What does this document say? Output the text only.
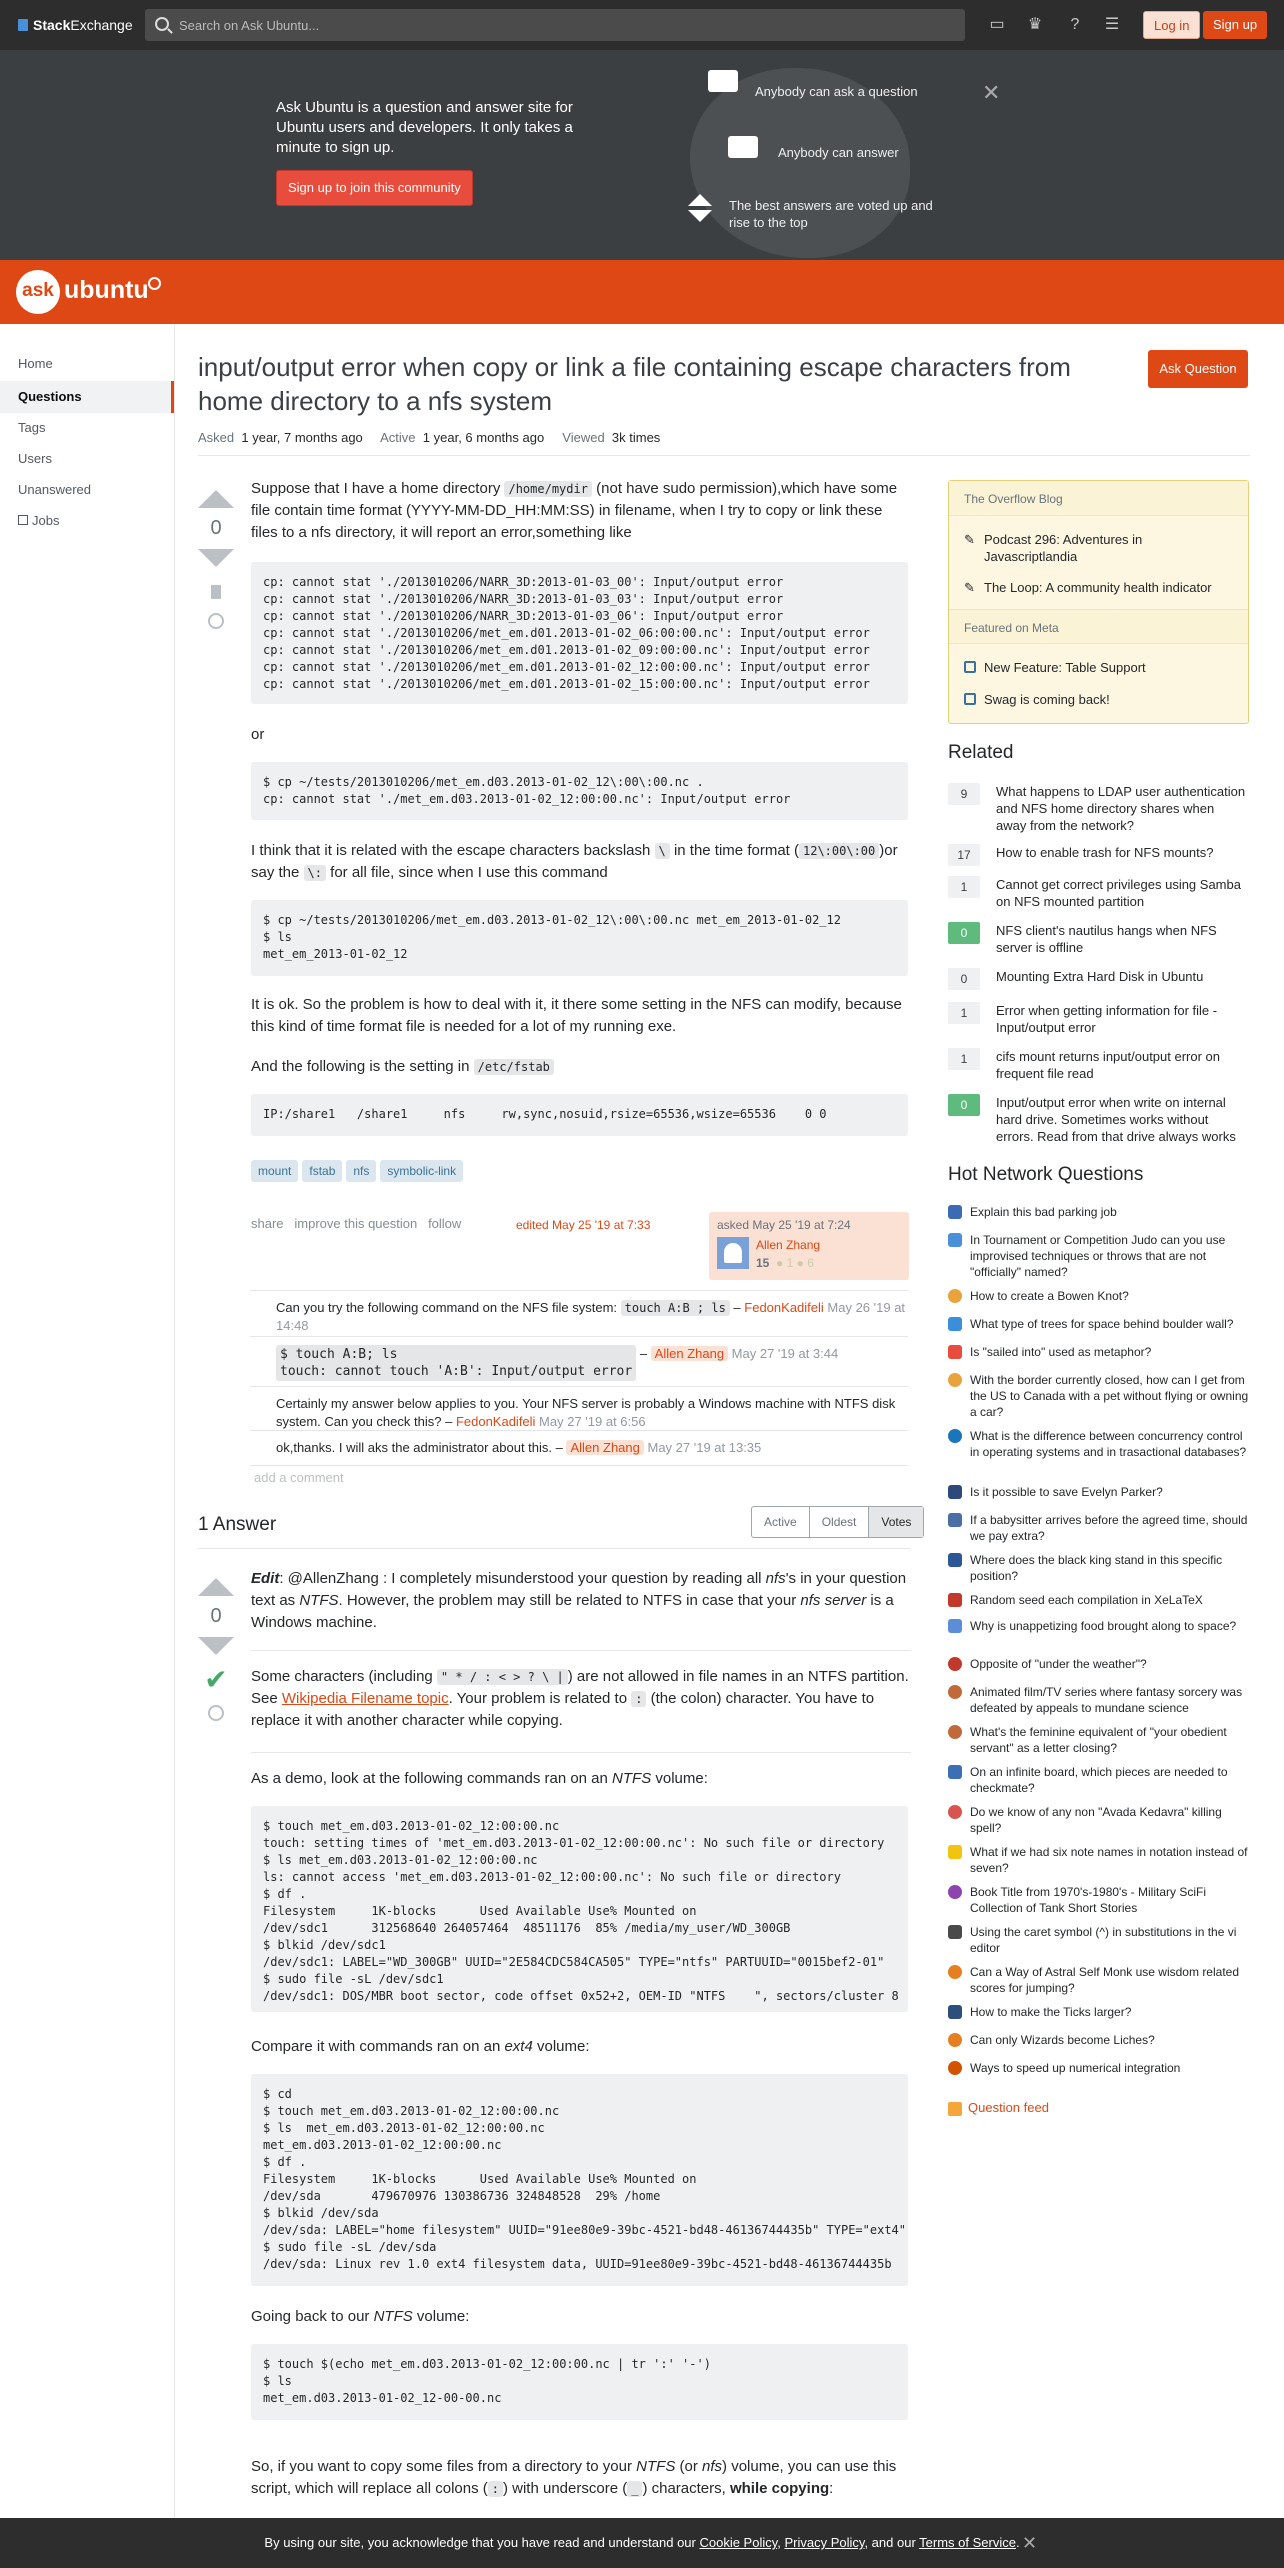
Stack Exchange	Search on Ask Ubuntu...	▭ ♛	?	☰	Log in	Sign up
Ask Ubuntu is a question and answer site for Ubuntu users and developers. It only takes a minute to sign up.
Sign up to join this community
Anybody can ask a question
Anybody can answer
The best answers are voted up and rise to the top
✕
ask ubuntu
Home
Questions
Tags
Users
Unanswered
Jobs
input/output error when copy or link a file containing escape characters from home directory to a nfs system
Ask Question
Asked 1 year, 7 months ago Active 1 year, 6 months ago Viewed 3k times
0
Suppose that I have a home directory /home/mydir (not have sudo permission),which have some file contain time format (YYYY-MM-DD_HH:MM:SS) in filename, when I try to copy or link these files to a nfs directory, it will report an error,something like
cp: cannot stat './2013010206/NARR_3D:2013-01-03_00': Input/output error
cp: cannot stat './2013010206/NARR_3D:2013-01-03_03': Input/output error
cp: cannot stat './2013010206/NARR_3D:2013-01-03_06': Input/output error
cp: cannot stat './2013010206/met_em.d01.2013-01-02_06:00:00.nc': Input/output error
cp: cannot stat './2013010206/met_em.d01.2013-01-02_09:00:00.nc': Input/output error
cp: cannot stat './2013010206/met_em.d01.2013-01-02_12:00:00.nc': Input/output error
cp: cannot stat './2013010206/met_em.d01.2013-01-02_15:00:00.nc': Input/output error
or
$ cp ~/tests/2013010206/met_em.d03.2013-01-02_12\:00\:00.nc .
cp: cannot stat './met_em.d03.2013-01-02_12:00:00.nc': Input/output error
I think that it is related with the escape characters backslash \ in the time format ( 12\:00\:00 )or say the \: for all file, since when I use this command
$ cp ~/tests/2013010206/met_em.d03.2013-01-02_12\:00\:00.nc met_em_2013-01-02_12
$ ls
met_em_2013-01-02_12
It is ok. So the problem is how to deal with it, it there some setting in the NFS can modify, because this kind of time format file is needed for a lot of my running exe.
And the following is the setting in /etc/fstab
IP:/share1   /share1     nfs     rw,sync,nosuid,rsize=65536,wsize=65536    0 0
mount fstab nfs symbolic-link
share improve this question follow	edited May 25 '19 at 7:33	asked May 25 '19 at 7:24
Allen Zhang
15 ● 1 ● 6
Can you try the following command on the NFS file system: touch A:B ; ls – FedonKadifeli May 26 '19 at 14:48
$ touch A:B; ls
touch: cannot touch 'A:B': Input/output error – Allen Zhang May 27 '19 at 3:44
Certainly my answer below applies to you. Your NFS server is probably a Windows machine with NTFS disk system. Can you check this? – FedonKadifeli May 27 '19 at 6:56
ok,thanks. I will aks the administrator about this. – Allen Zhang May 27 '19 at 13:35
add a comment
1 Answer	Active	Oldest	Votes
0
✔
Edit: @AllenZhang : I completely misunderstood your question by reading all nfs's in your question text as NTFS. However, the problem may still be related to NTFS in case that your nfs server is a Windows machine.
Some characters (including " * / : < > ? \ | ) are not allowed in file names in an NTFS partition. See Wikipedia Filename topic. Your problem is related to : (the colon) character. You have to replace it with another character while copying.
As a demo, look at the following commands ran on an NTFS volume:
$ touch met_em.d03.2013-01-02_12:00:00.nc
touch: setting times of 'met_em.d03.2013-01-02_12:00:00.nc': No such file or directory
$ ls met_em.d03.2013-01-02_12:00:00.nc
ls: cannot access 'met_em.d03.2013-01-02_12:00:00.nc': No such file or directory
$ df .
Filesystem     1K-blocks      Used Available Use% Mounted on
/dev/sdc1      312568640 264057464  48511176  85% /media/my_user/WD_300GB
$ blkid /dev/sdc1
/dev/sdc1: LABEL="WD_300GB" UUID="2E584CDC584CA505" TYPE="ntfs" PARTUUID="0015bef2-01"
$ sudo file -sL /dev/sdc1
/dev/sdc1: DOS/MBR boot sector, code offset 0x52+2, OEM-ID "NTFS    ", sectors/cluster 8
Compare it with commands ran on an ext4 volume:
$ cd
$ touch met_em.d03.2013-01-02_12:00:00.nc
$ ls  met_em.d03.2013-01-02_12:00:00.nc
met_em.d03.2013-01-02_12:00:00.nc
$ df .
Filesystem     1K-blocks      Used Available Use% Mounted on
/dev/sda       479670976 130386736 324848528  29% /home
$ blkid /dev/sda
/dev/sda: LABEL="home filesystem" UUID="91ee80e9-39bc-4521-bd48-46136744435b" TYPE="ext4"
$ sudo file -sL /dev/sda
/dev/sda: Linux rev 1.0 ext4 filesystem data, UUID=91ee80e9-39bc-4521-bd48-46136744435b
Going back to our NTFS volume:
$ touch $(echo met_em.d03.2013-01-02_12:00:00.nc | tr ':' '-')
$ ls
met_em.d03.2013-01-02_12-00-00.nc
So, if you want to copy some files from a directory to your NTFS (or nfs) volume, you can use this script, which will replace all colons ( : ) with underscore ( _ ) characters, while copying:
The Overflow Blog
✎ Podcast 296: Adventures in Javascriptlandia
✎ The Loop: A community health indicator
Featured on Meta
New Feature: Table Support
Swag is coming back!
Related
9	What happens to LDAP user authentication and NFS home directory shares when away from the network?
17	How to enable trash for NFS mounts?
1	Cannot get correct privileges using Samba on NFS mounted partition
0	NFS client's nautilus hangs when NFS server is offline
0	Mounting Extra Hard Disk in Ubuntu
1	Error when getting information for file - Input/output error
1	cifs mount returns input/output error on frequent file read
0	Input/output error when write on internal hard drive. Sometimes works without errors. Read from that drive always works
Hot Network Questions
Explain this bad parking job
In Tournament or Competition Judo can you use improvised techniques or throws that are not "officially" named?
How to create a Bowen Knot?
What type of trees for space behind boulder wall?
Is "sailed into" used as metaphor?
With the border currently closed, how can I get from the US to Canada with a pet without flying or owning a car?
What is the difference between concurrency control in operating systems and in trasactional databases?
Is it possible to save Evelyn Parker?
If a babysitter arrives before the agreed time, should we pay extra?
Where does the black king stand in this specific position?
Random seed each compilation in XeLaTeX
Why is unappetizing food brought along to space?
Opposite of "under the weather"?
Animated film/TV series where fantasy sorcery was defeated by appeals to mundane science
What's the feminine equivalent of "your obedient servant" as a letter closing?
On an infinite board, which pieces are needed to checkmate?
Do we know of any non "Avada Kedavra" killing spell?
What if we had six note names in notation instead of seven?
Book Title from 1970's-1980's - Military SciFi Collection of Tank Short Stories
Using the caret symbol (^) in substitutions in the vi editor
Can a Way of Astral Self Monk use wisdom related scores for jumping?
How to make the Ticks larger?
Can only Wizards become Liches?
Ways to speed up numerical integration
Question feed
By using our site, you acknowledge that you have read and understand our Cookie Policy, Privacy Policy, and our Terms of Service. ✕
